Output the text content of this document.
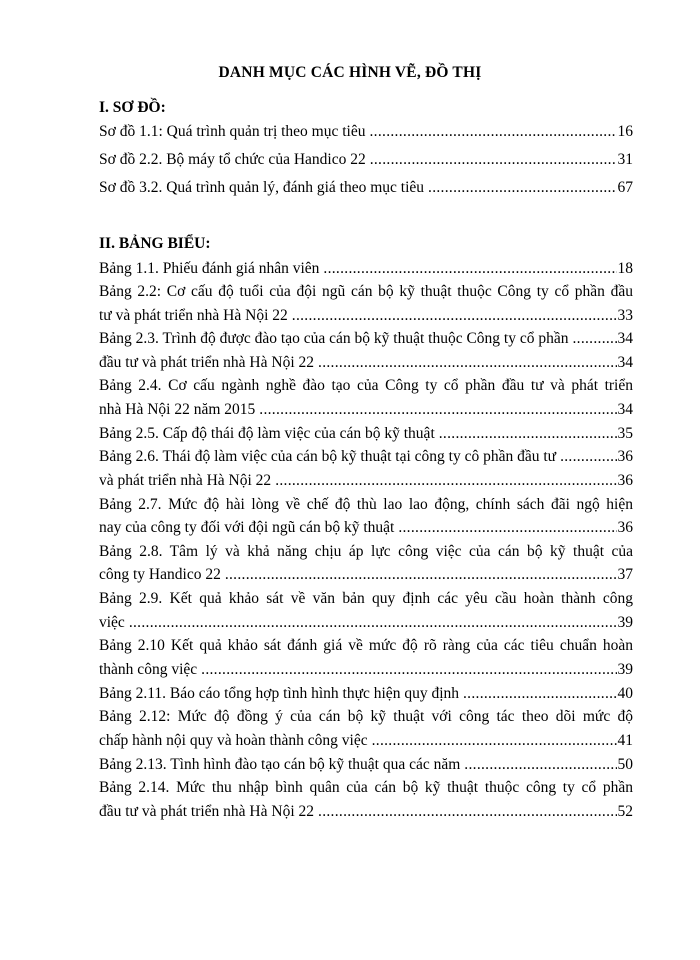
DANH MỤC CÁC HÌNH VẼ, ĐỒ THỊ
I. SƠ ĐỒ:
Sơ đồ 1.1: Quá trình quản trị theo mục tiêu .....	16
Sơ đồ 2.2. Bộ máy tổ chức của Handico 22 .....	31
Sơ đồ 3.2. Quá trình quản lý, đánh giá theo mục tiêu .....	67
II. BẢNG BIỂU:
Bảng 1.1. Phiếu đánh giá nhân viên .....	18
Bảng 2.2: Cơ cấu độ tuổi của đội ngũ cán bộ kỹ thuật thuộc Công ty cổ phần đầu
tư và phát triển nhà Hà Nội 22 .....	33
Bảng 2.3. Trình độ được đào tạo của cán bộ kỹ thuật thuộc Công ty cổ phần .....	34
đầu tư và phát triển nhà Hà Nội 22 .....	34
Bảng 2.4. Cơ cấu ngành nghề đào tạo của Công ty cổ phần đầu tư và phát triển
nhà Hà Nội 22 năm 2015 .....	34
Bảng 2.5. Cấp độ thái độ làm việc của cán bộ kỹ thuật .....	35
Bảng 2.6. Thái độ làm việc của cán bộ kỹ thuật tại công ty cô phần đầu tư .....	36
và phát triển nhà Hà Nội 22 .....	36
Bảng 2.7. Mức độ hài lòng về chế độ thù lao lao động, chính sách đãi ngộ hiện
nay của công ty đối với đội ngũ cán bộ kỹ thuật .....	36
Bảng 2.8. Tâm lý và khả năng chịu áp lực công việc của cán bộ kỹ thuật của
công ty Handico 22 .....	37
Bảng 2.9. Kết quả khảo sát về văn bản quy định các yêu cầu hoàn thành công
việc .....	39
Bảng 2.10 Kết quả khảo sát đánh giá về mức độ rõ ràng của các tiêu chuẩn hoàn
thành công việc .....	39
Bảng 2.11. Báo cáo tổng hợp tình hình thực hiện quy định .....	40
Bảng 2.12: Mức độ đồng ý của cán bộ kỹ thuật với công tác theo dõi mức độ
chấp hành nội quy và hoàn thành công việc .....	41
Bảng 2.13. Tình hình đào tạo cán bộ kỹ thuật qua các năm .....	50
Bảng 2.14. Mức thu nhập bình quân của cán bộ kỹ thuật thuộc công ty cổ phần
đầu tư và phát triển nhà Hà Nội 22 .....	52
